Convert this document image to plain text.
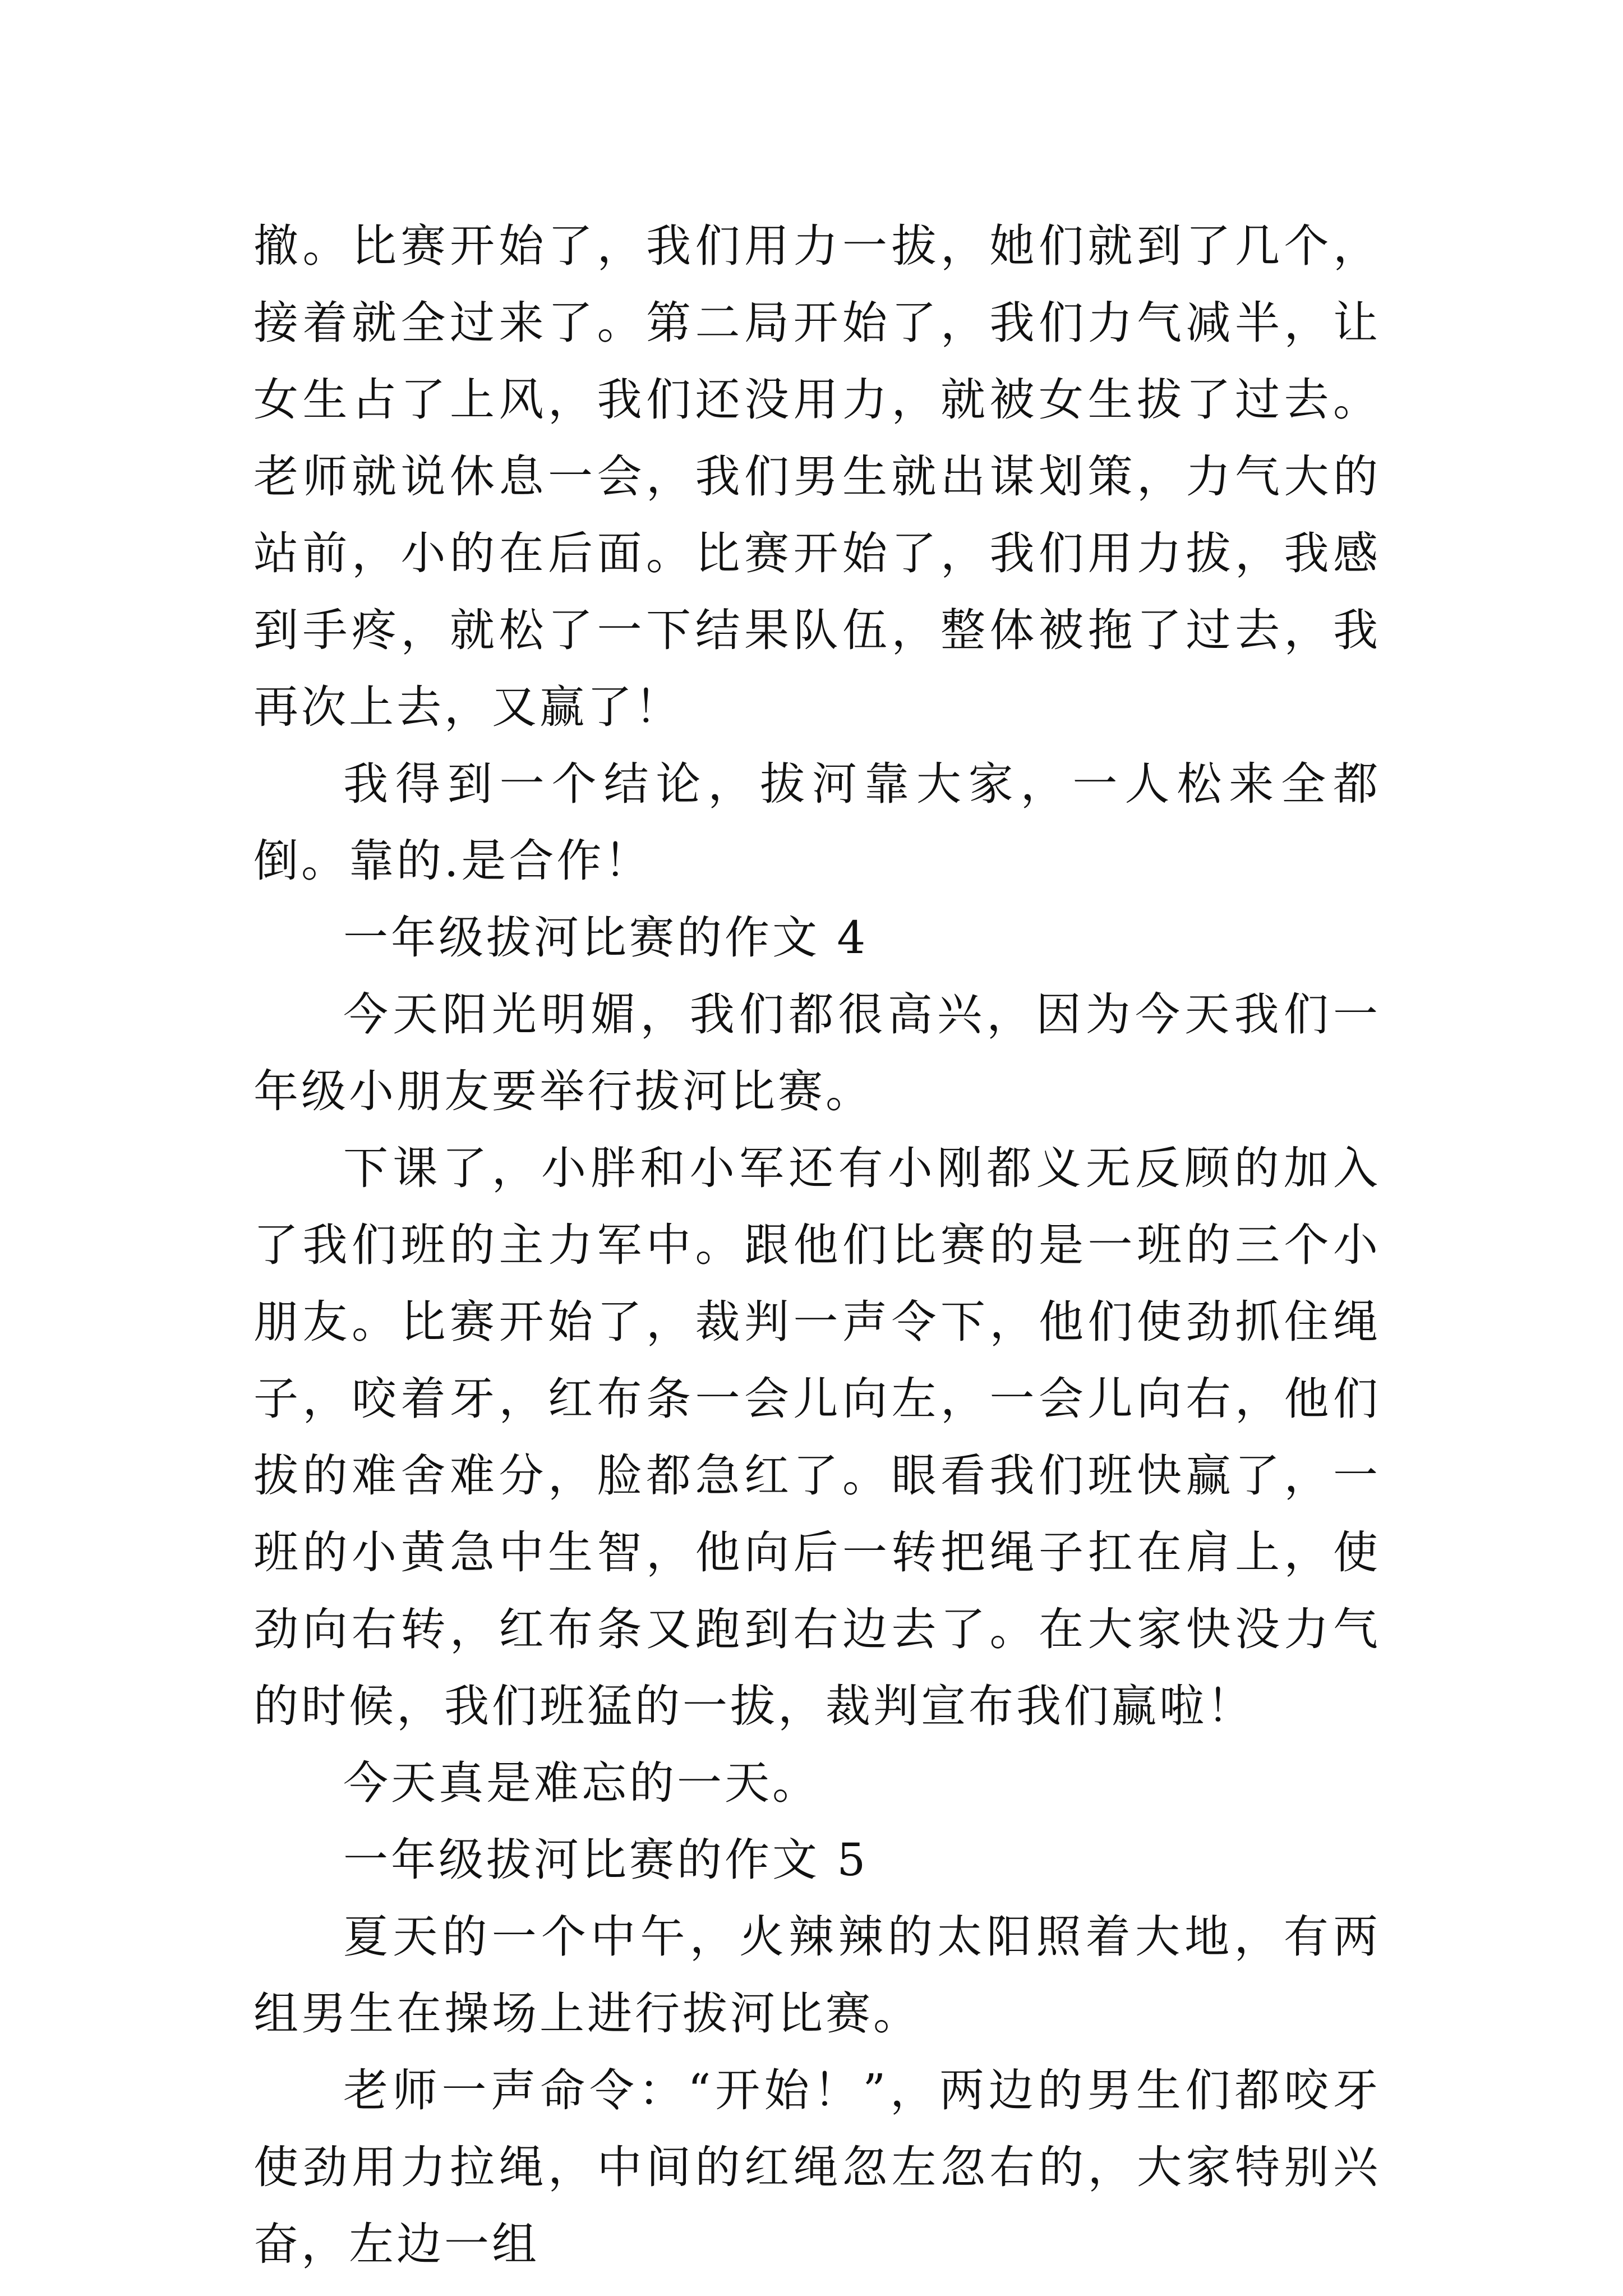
撤。比赛开始了，我们用力一拔，她们就到了几个，接着就全过来了。第二局开始了，我们力气减半，让女生占了上风，我们还没用力，就被女生拔了过去。老师就说休息一会，我们男生就出谋划策，力气大的站前，小的在后面。比赛开始了，我们用力拔，我感到手疼，就松了一下结果队伍，整体被拖了过去，我再次上去，又赢了！

我得到一个结论，拔河靠大家，一人松来全都倒。靠的.是合作！

一年级拔河比赛的作文 4

今天阳光明媚，我们都很高兴，因为今天我们一年级小朋友要举行拔河比赛。

下课了，小胖和小军还有小刚都义无反顾的加入了我们班的主力军中。跟他们比赛的是一班的三个小朋友。比赛开始了，裁判一声令下，他们使劲抓住绳子，咬着牙，红布条一会儿向左，一会儿向右，他们拔的难舍难分，脸都急红了。眼看我们班快赢了，一班的小黄急中生智，他向后一转把绳子扛在肩上，使劲向右转，红布条又跑到右边去了。在大家快没力气的时候，我们班猛的一拔，裁判宣布我们赢啦！

今天真是难忘的一天。

一年级拔河比赛的作文 5

夏天的一个中午，火辣辣的太阳照着大地，有两组男生在操场上进行拔河比赛。

老师一声命令：“开始！”，两边的男生们都咬牙使劲用力拉绳，中间的红绳忽左忽右的，大家特别兴奋，左边一组
